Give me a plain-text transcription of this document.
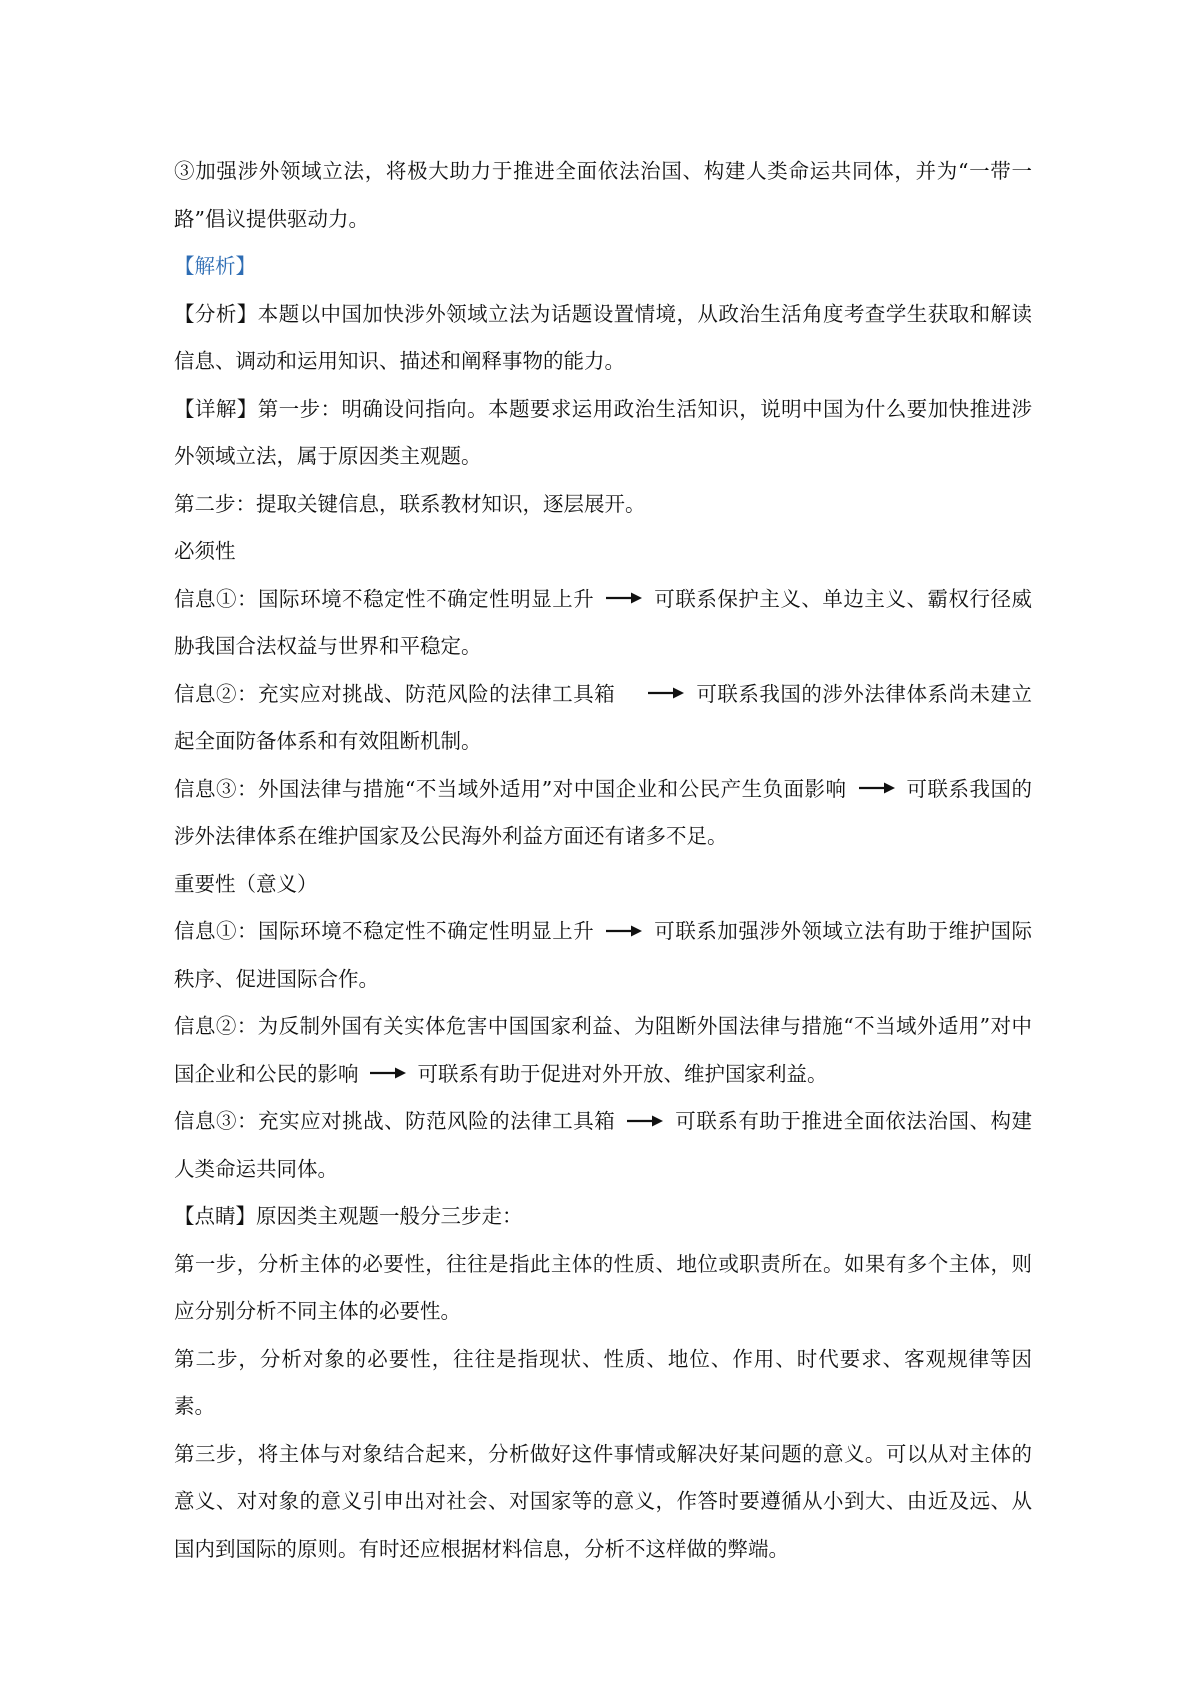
③加强涉外领域立法，将极大助力于推进全面依法治国、构建人类命运共同体，并为“一带一路”倡议提供驱动力。

【解析】

【分析】本题以中国加快涉外领域立法为话题设置情境，从政治生活角度考查学生获取和解读信息、调动和运用知识、描述和阐释事物的能力。

【详解】第一步：明确设问指向。本题要求运用政治生活知识，说明中国为什么要加快推进涉外领域立法，属于原因类主观题。

第二步：提取关键信息，联系教材知识，逐层展开。

必须性

信息①：国际环境不稳定性不确定性明显上升
可联系保护主义、单边主义、霸权行径威胁我国合法权益与世界和平稳定。

信息②：充实应对挑战、防范风险的法律工具箱　
可联系我国的涉外法律体系尚未建立起全面防备体系和有效阻断机制。

信息③：外国法律与措施“不当域外适用”对中国企业和公民产生负面影响
可联系我国的涉外法律体系在维护国家及公民海外利益方面还有诸多不足。

重要性（意义）

信息①：国际环境不稳定性不确定性明显上升
可联系加强涉外领域立法有助于维护国际秩序、促进国际合作。

信息②：为反制外国有关实体危害中国国家利益、为阻断外国法律与措施“不当域外适用”对中国企业和公民的影响
可联系有助于促进对外开放、维护国家利益。

信息③：充实应对挑战、防范风险的法律工具箱
可联系有助于推进全面依法治国、构建人类命运共同体。

【点睛】原因类主观题一般分三步走：

第一步，分析主体的必要性，往往是指此主体的性质、地位或职责所在。如果有多个主体，则应分别分析不同主体的必要性。

第二步，分析对象的必要性，往往是指现状、性质、地位、作用、时代要求、客观规律等因素。

第三步，将主体与对象结合起来，分析做好这件事情或解决好某问题的意义。可以从对主体的意义、对对象的意义引申出对社会、对国家等的意义，作答时要遵循从小到大、由近及远、从国内到国际的原则。有时还应根据材料信息，分析不这样做的弊端。
